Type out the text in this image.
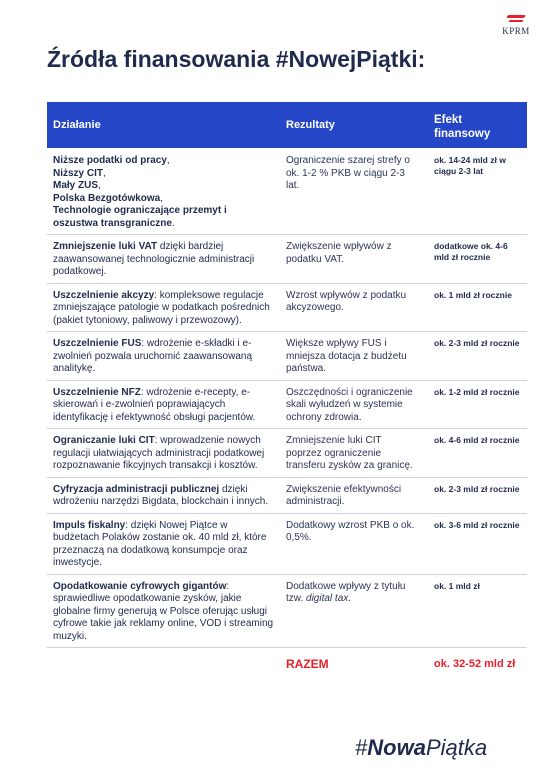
KPRM
Źródła finansowania #NowejPiątki:
Działanie	Rezultaty	Efekt finansowy
Niższe podatki od pracy,
Niższy CIT,
Mały ZUS,
Polska Bezgotówkowa,
Technologie ograniczające przemyt i oszustwa transgraniczne.	Ograniczenie szarej strefy o ok. 1-2 % PKB w ciągu 2-3 lat.	ok. 14-24 mld zł w ciągu 2-3 lat
Zmniejszenie luki VAT dzięki bardziej zaawansowanej technologicznie administracji podatkowej.	Zwiększenie wpływów z podatku VAT.	dodatkowe ok. 4-6 mld zł rocznie
Uszczelnienie akcyzy: kompleksowe regulacje zmniejszające patologie w podatkach pośrednich (pakiet tytoniowy, paliwowy i przewozowy).	Wzrost wpływów z podatku akcyzowego.	ok. 1 mld zł rocznie
Uszczelnienie FUS: wdrożenie e-składki i e-zwolnień pozwala uruchomić zaawansowaną analitykę.	Większe wpływy FUS i mniejsza dotacja z budżetu państwa.	ok. 2-3 mld zł rocznie
Uszczelnienie NFZ: wdrożenie e-recepty, e-skierowań i e-zwolnień poprawiających identyfikację i efektywność obsługi pacjentów.	Oszczędności i ograniczenie skali wyłudzeń w systemie ochrony zdrowia.	ok. 1-2 mld zł rocznie
Ograniczanie luki CIT: wprowadzenie nowych regulacji ułatwiających administracji podatkowej rozpoznawanie fikcyjnych transakcji i kosztów.	Zmniejszenie luki CIT poprzez ograniczenie transferu zysków za granicę.	ok. 4-6 mld zł rocznie
Cyfryzacja administracji publicznej dzięki wdrożeniu narzędzi Bigdata, blockchain i innych.	Zwiększenie efektywności administracji.	ok. 2-3 mld zł rocznie
Impuls fiskalny: dzięki Nowej Piątce w budżetach Polaków zostanie ok. 40 mld zł, które przeznaczą na dodatkową konsumpcje oraz inwestycje.	Dodatkowy wzrost PKB o ok. 0,5%.	ok. 3-6 mld zł rocznie
Opodatkowanie cyfrowych gigantów: sprawiedliwe opodatkowanie zysków, jakie globalne firmy generują w Polsce oferując usługi cyfrowe takie jak reklamy online, VOD i streaming muzyki.	Dodatkowe wpływy z tytułu tzw. digital tax.	ok. 1 mld zł
	RAZEM	ok. 32-52 mld zł
#NowaPiątka
